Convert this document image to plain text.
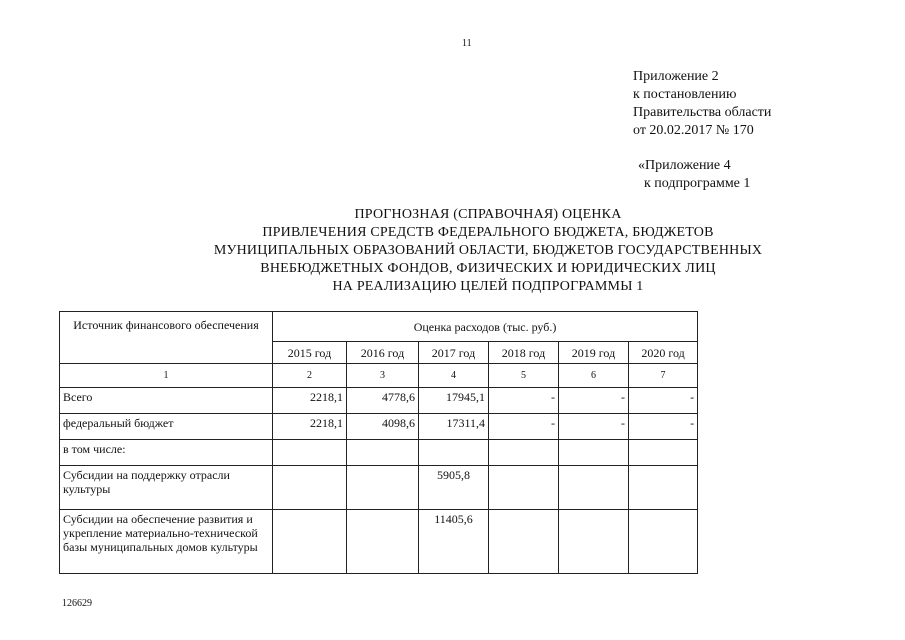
11
Приложение 2
к постановлению
Правительства области
от 20.02.2017 № 170
«Приложение 4
к подпрограмме 1
ПРОГНОЗНАЯ (СПРАВОЧНАЯ) ОЦЕНКА
ПРИВЛЕЧЕНИЯ СРЕДСТВ ФЕДЕРАЛЬНОГО БЮДЖЕТА, БЮДЖЕТОВ
МУНИЦИПАЛЬНЫХ ОБРАЗОВАНИЙ ОБЛАСТИ, БЮДЖЕТОВ ГОСУДАРСТВЕННЫХ
ВНЕБЮДЖЕТНЫХ ФОНДОВ, ФИЗИЧЕСКИХ И ЮРИДИЧЕСКИХ ЛИЦ
НА РЕАЛИЗАЦИЮ ЦЕЛЕЙ ПОДПРОГРАММЫ 1
Источник финансового обеспечения	Оценка расходов (тыс. руб.)					
	2015 год	2016 год	2017 год	2018 год	2019 год	2020 год
1	2	3	4	5	6	7
Всего	2218,1	4778,6	17945,1	-	-	-
федеральный бюджет	2218,1	4098,6	17311,4	-	-	-
в том числе:						
Субсидии на поддержку отрасли культуры			5905,8			
Субсидии на обеспечение развития и укрепление материально-технической базы муниципальных домов культуры			11405,6			
126629
